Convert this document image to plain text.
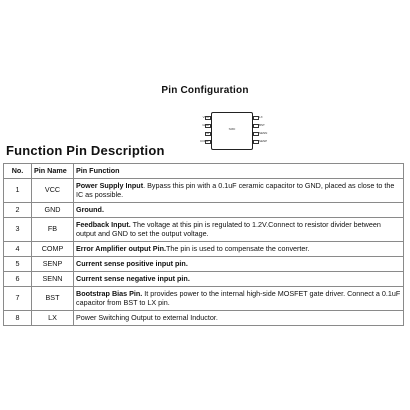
Pin Configuration
SMD
VCC
GND
FB
COMP
LX
BST
SENN
SENP
Function Pin Description
No.	Pin Name	Pin Function
1	VCC	Power Supply Input. Bypass this pin with a 0.1uF ceramic capacitor to GND, placed as close to the IC as possible.
2	GND	Ground.
3	FB	Feedback Input. The voltage at this pin is regulated to 1.2V.Connect to resistor divider between output and GND to set the output voltage.
4	COMP	Error Amplifier output Pin.The pin is used to compensate the converter.
5	SENP	Current sense positive input pin.
6	SENN	Current sense negative input pin.
7	BST	Bootstrap Bias Pin. It provides power to the internal high-side MOSFET gate driver. Connect a 0.1uF capacitor from BST to LX pin.
8	LX	Power Switching Output to external Inductor.
